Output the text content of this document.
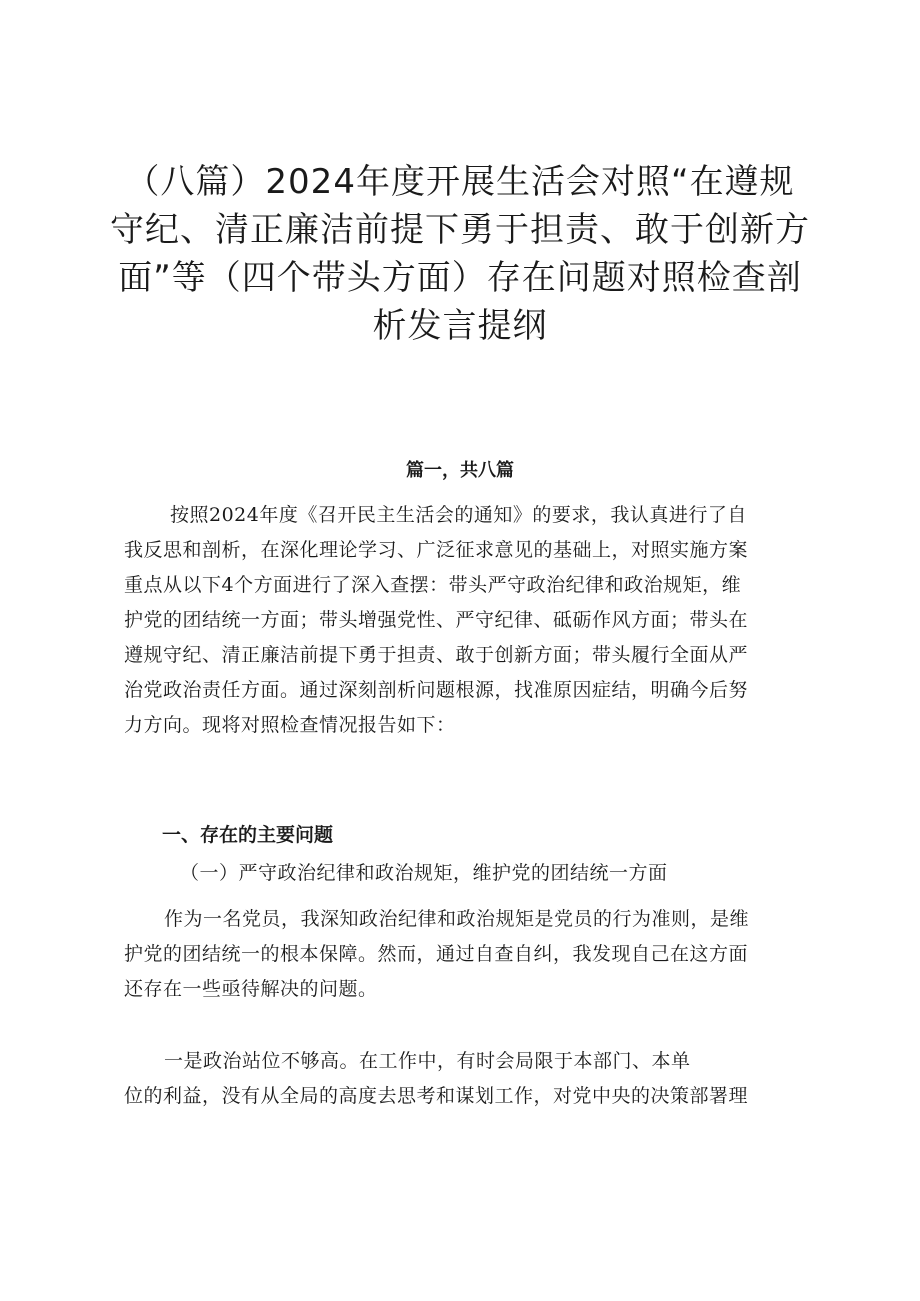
（八篇）2024年度开展生活会对照“在遵规
守纪、清正廉洁前提下勇于担责、敢于创新方
面”等（四个带头方面）存在问题对照检查剖
析发言提纲
篇一，共八篇
按照2024年度《召开民主生活会的通知》的要求，我认真进行了自
我反思和剖析，在深化理论学习、广泛征求意见的基础上，对照实施方案
重点从以下4个方面进行了深入查摆：带头严守政治纪律和政治规矩，维
护党的团结统一方面；带头增强党性、严守纪律、砥砺作风方面；带头在
遵规守纪、清正廉洁前提下勇于担责、敢于创新方面；带头履行全面从严
治党政治责任方面。通过深刻剖析问题根源，找准原因症结，明确今后努
力方向。现将对照检查情况报告如下：
一、存在的主要问题
（一）严守政治纪律和政治规矩，维护党的团结统一方面
作为一名党员，我深知政治纪律和政治规矩是党员的行为准则，是维
护党的团结统一的根本保障。然而，通过自查自纠，我发现自己在这方面
还存在一些亟待解决的问题。
一是政治站位不够高。在工作中，有时会局限于本部门、本单
位的利益，没有从全局的高度去思考和谋划工作，对党中央的决策部署理
